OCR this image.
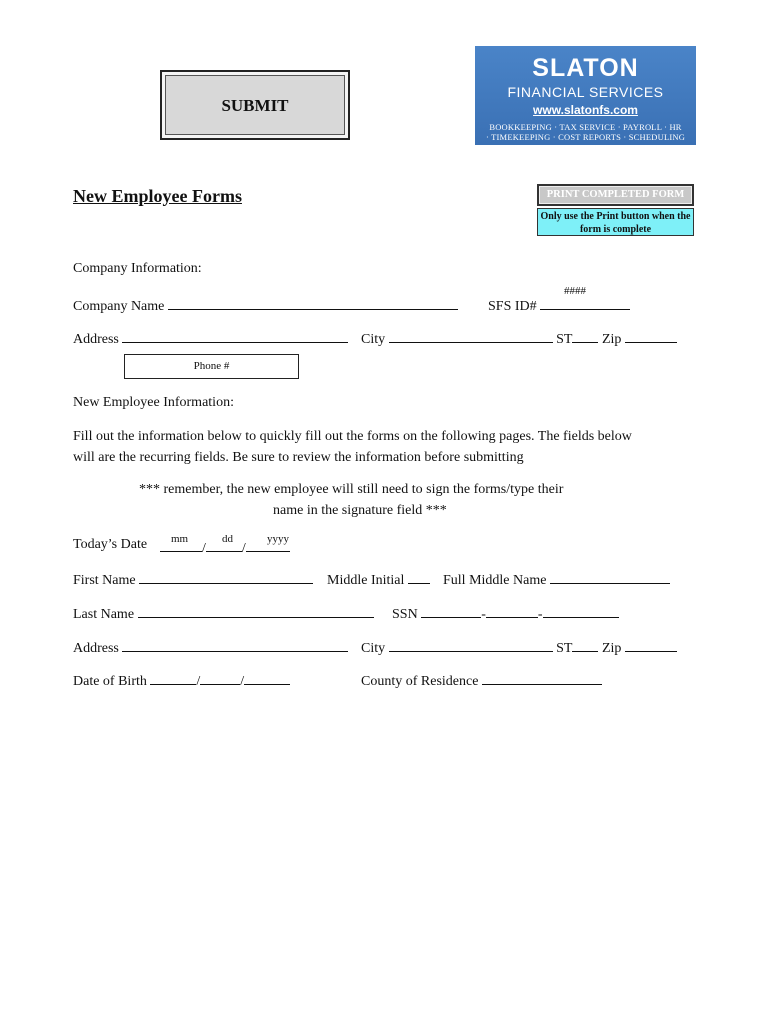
SUBMIT
SLATON
FINANCIAL SERVICES
www.slatonfs.com
BOOKKEEPING · TAX SERVICE · PAYROLL · HR
· TIMEKEEPING · COST REPORTS · SCHEDULING
New Employee Forms	PRINT COMPLETED FORM
Only use the Print button when the form is complete
Company Information:
Company Name
####
SFS ID#
Address	City	ST Zip
Phone #
New Employee Information:
Fill out the information below to quickly fill out the forms on the following pages. The fields below
will are the recurring fields. Be sure to review the information before submitting
*** remember, the new employee will still need to sign the forms/type their
name in the signature field ***
Today’s Date mm	dd	yyyy
/	/
First Name	Middle Initial	Full Middle Name
Last Name	SSN	-	-
Address	City	ST Zip
Date of Birth	/	/	County of Residence
